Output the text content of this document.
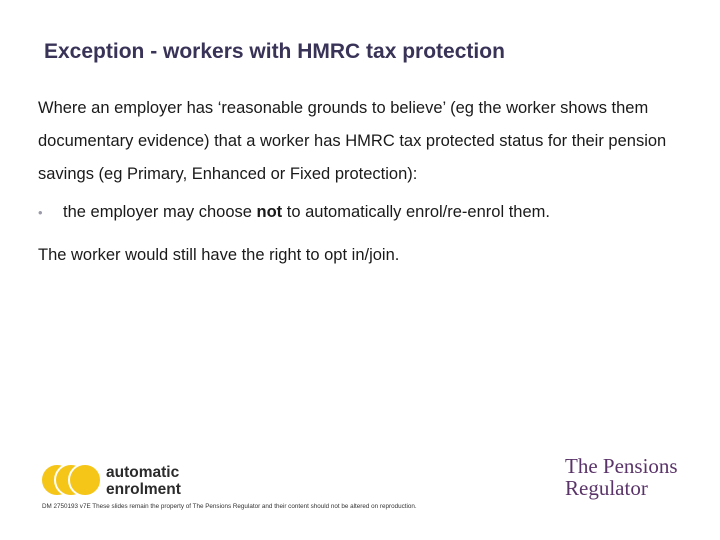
Exception - workers with HMRC tax protection

Where an employer has ‘reasonable grounds to believe’ (eg the worker shows them documentary evidence) that a worker has HMRC tax protected status for their pension savings (eg Primary, Enhanced or Fixed protection):

• the employer may choose not to automatically enrol/re-enrol them.
The worker would still have the right to opt in/join.
automatic
enrolment
The Pensions
Regulator
DM 2750193 v7E These slides remain the property of The Pensions Regulator and their content should not be altered on reproduction.
